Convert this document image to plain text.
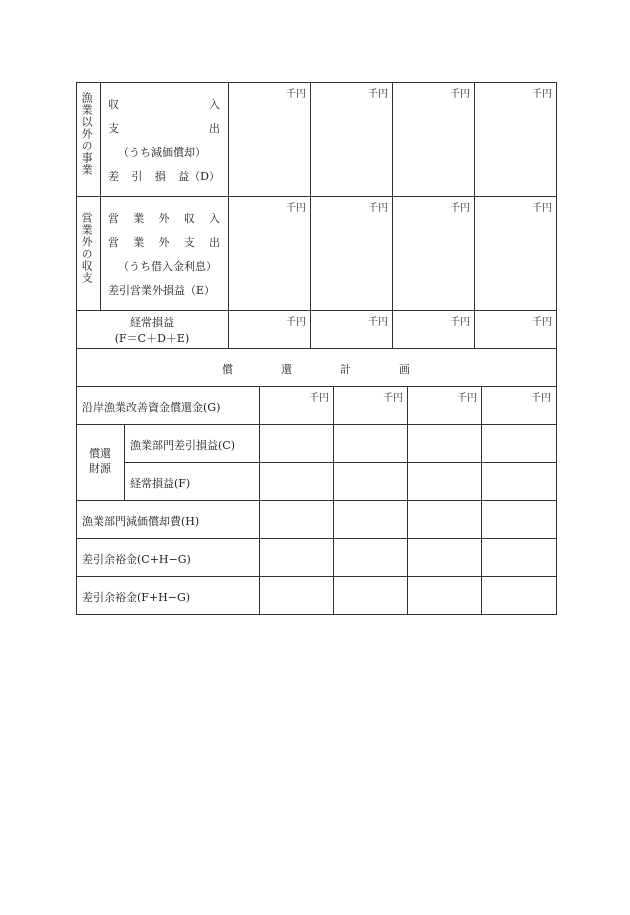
漁業以外の事業 収	入
支	出
（うち減価償却）
差 引 損 益（D）
千円	千円	千円	千円
営業外の収支 営 業 外 収 入
営 業 外 支 出
（うち借入金利息）
差引営業外損益（E）
千円	千円	千円	千円
経常損益
(F＝C＋D＋E)
千円	千円	千円	千円
償	還	計	画
沿岸漁業改善資金償還金(G)
千円	千円	千円	千円
償還
財源
漁業部門差引損益(C)
経常損益(F)
漁業部門減価償却費(H)
差引余裕金(C+H−G)
差引余裕金(F+H−G)
